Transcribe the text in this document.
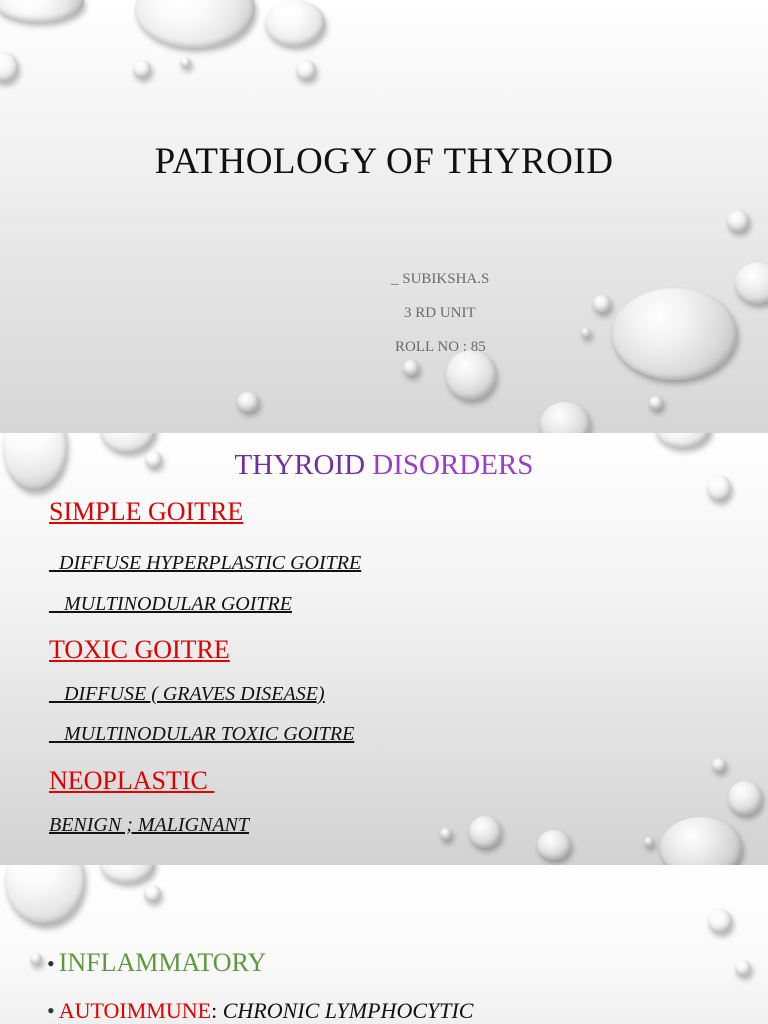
PATHOLOGY OF THYROID
_ SUBIKSHA.S
3 RD UNIT
ROLL NO : 85
THYROID DISORDERS
SIMPLE GOITRE
_DIFFUSE HYPERPLASTIC GOITRE
_ MULTINODULAR GOITRE
TOXIC GOITRE
_ DIFFUSE ( GRAVES DISEASE)
_ MULTINODULAR TOXIC GOITRE
NEOPLASTIC
BENIGN ; MALIGNANT
• INFLAMMATORY
• AUTOIMMUNE: CHRONIC LYMPHOCYTIC
